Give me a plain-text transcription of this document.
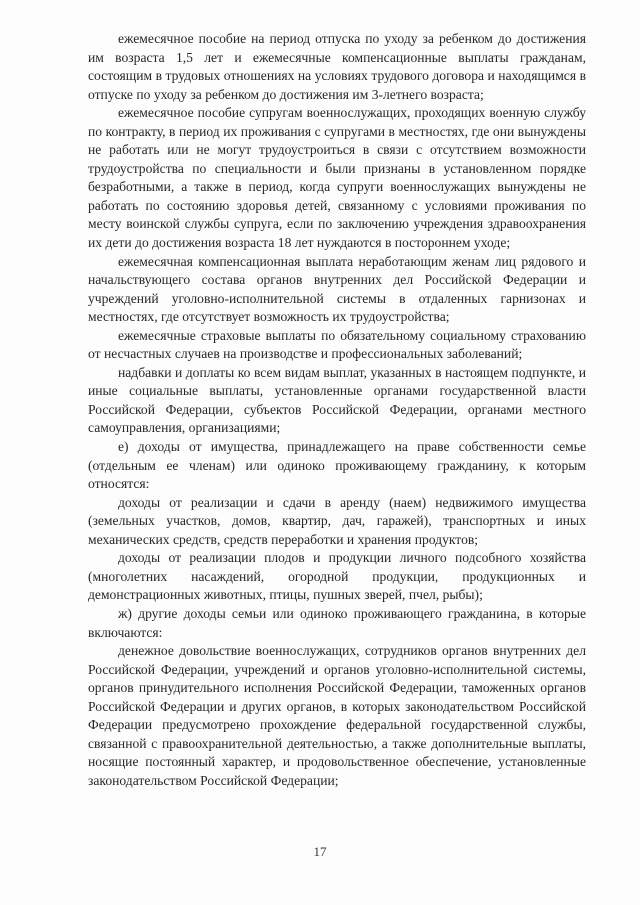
ежемесячное пособие на период отпуска по уходу за ребенком до достижения им возраста 1,5 лет и ежемесячные компенсационные выплаты гражданам, состоящим в трудовых отношениях на условиях трудового договора и находящимся в отпуске по уходу за ребенком до достижения им 3-летнего возраста;

ежемесячное пособие супругам военнослужащих, проходящих военную службу по контракту, в период их проживания с супругами в местностях, где они вынуждены не работать или не могут трудоустроиться в связи с отсутствием возможности трудоустройства по специальности и были признаны в установленном порядке безработными, а также в период, когда супруги военнослужащих вынуждены не работать по состоянию здоровья детей, связанному с условиями проживания по месту воинской службы супруга, если по заключению учреждения здравоохранения их дети до достижения возраста 18 лет нуждаются в постороннем уходе;

ежемесячная компенсационная выплата неработающим женам лиц рядового и начальствующего состава органов внутренних дел Российской Федерации и учреждений уголовно-исполнительной системы в отдаленных гарнизонах и местностях, где отсутствует возможность их трудоустройства;

ежемесячные страховые выплаты по обязательному социальному страхованию от несчастных случаев на производстве и профессиональных заболеваний;

надбавки и доплаты ко всем видам выплат, указанных в настоящем подпункте, и иные социальные выплаты, установленные органами государственной власти Российской Федерации, субъектов Российской Федерации, органами местного самоуправления, организациями;

е) доходы от имущества, принадлежащего на праве собственности семье (отдельным ее членам) или одиноко проживающему гражданину, к которым относятся:

доходы от реализации и сдачи в аренду (наем) недвижимого имущества (земельных участков, домов, квартир, дач, гаражей), транспортных и иных механических средств, средств переработки и хранения продуктов;

доходы от реализации плодов и продукции личного подсобного хозяйства (многолетних насаждений, огородной продукции, продукционных и демонстрационных животных, птицы, пушных зверей, пчел, рыбы);

ж) другие доходы семьи или одиноко проживающего гражданина, в которые включаются:

денежное довольствие военнослужащих, сотрудников органов внутренних дел Российской Федерации, учреждений и органов уголовно-исполнительной системы, органов принудительного исполнения Российской Федерации, таможенных органов Российской Федерации и других органов, в которых законодательством Российской Федерации предусмотрено прохождение федеральной государственной службы, связанной с правоохранительной деятельностью, а также дополнительные выплаты, носящие постоянный характер, и продовольственное обеспечение, установленные законодательством Российской Федерации;

17
